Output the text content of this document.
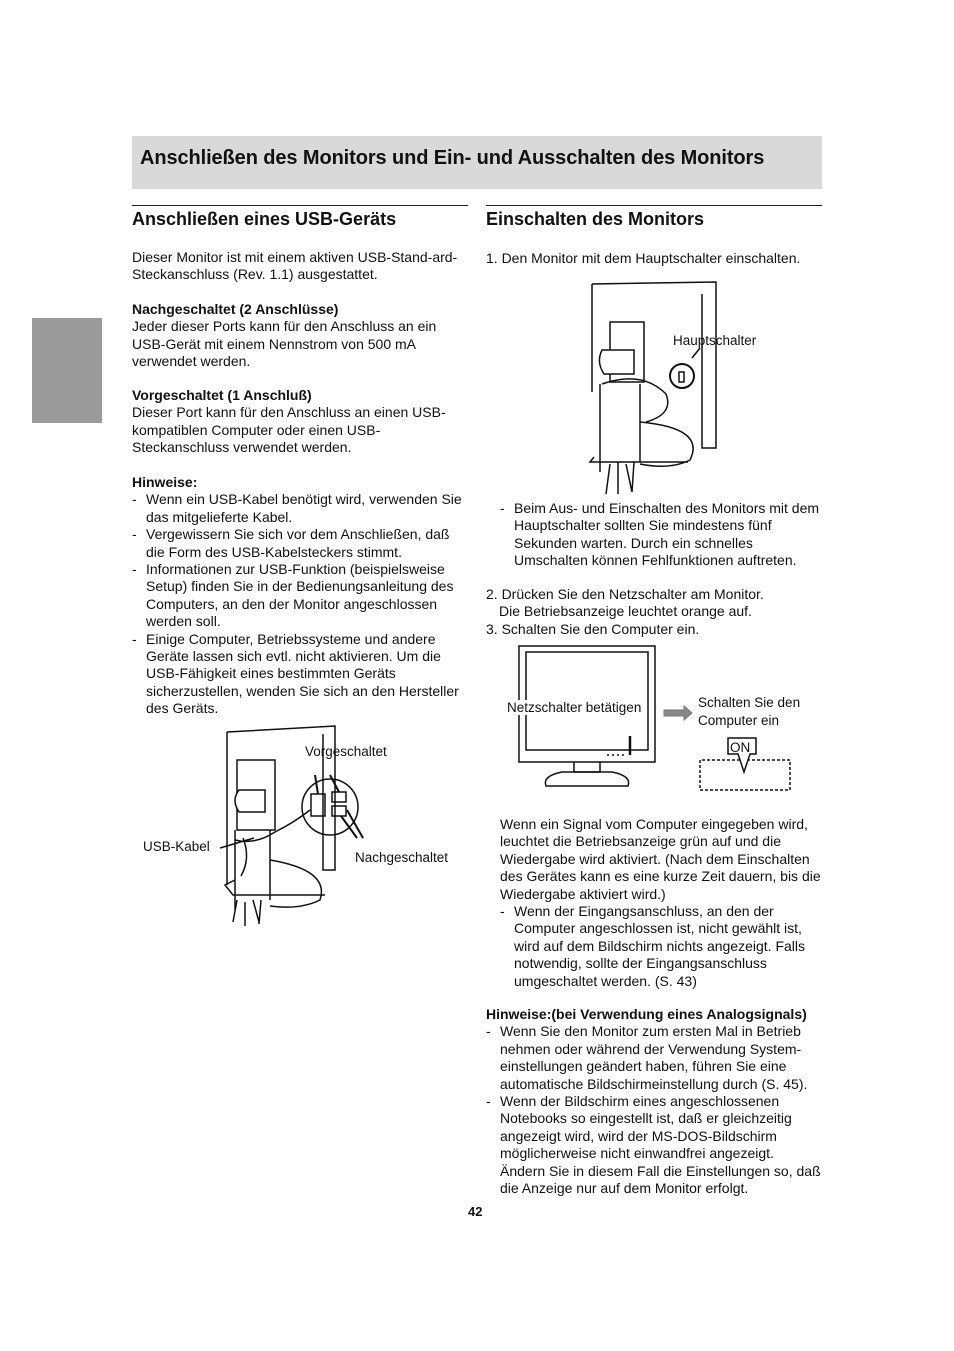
Anschließen des Monitors und Ein- und Ausschalten des Monitors
Anschließen eines USB-Geräts

Dieser Monitor ist mit einem aktiven USB-Stand-ard-Steckanschluss (Rev. 1.1) ausgestattet.

Nachgeschaltet (2 Anschlüsse)

Jeder dieser Ports kann für den Anschluss an ein USB-Gerät mit einem Nennstrom von 500 mA verwendet werden.

Vorgeschaltet (1 Anschluß)

Dieser Port kann für den Anschluss an einen USB-kompatiblen Computer oder einen USB-Steckanschluss verwendet werden.

Hinweise:

- Wenn ein USB-Kabel benötigt wird, verwenden Sie das mitgelieferte Kabel.
- Vergewissern Sie sich vor dem Anschließen, daß die Form des USB-Kabelsteckers stimmt.
- Informationen zur USB-Funktion (beispielsweise Setup) finden Sie in der Bedienungsanleitung des Computers, an den der Monitor angeschlossen werden soll.
- Einige Computer, Betriebssysteme und andere Geräte lassen sich evtl. nicht aktivieren. Um die USB-Fähigkeit eines bestimmten Geräts sicherzustellen, wenden Sie sich an den Hersteller des Geräts.
Vorgeschaltet
USB-Kabel
Nachgeschaltet
Einschalten des Monitors
1. Den Monitor mit dem Hauptschalter einschalten.
Hauptschalter
- Beim Aus- und Einschalten des Monitors mit dem Hauptschalter sollten Sie mindestens fünf Sekunden warten. Durch ein schnelles Umschalten können Fehlfunktionen auftreten.

2. Drücken Sie den Netzschalter am Monitor.

Die Betriebsanzeige leuchtet orange auf.

3. Schalten Sie den Computer ein.

Netzschalter betätigen	Schalten Sie den
Computer ein
ON

Wenn ein Signal vom Computer eingegeben wird, leuchtet die Betriebsanzeige grün auf und die Wiedergabe wird aktiviert. (Nach dem Einschalten des Gerätes kann es eine kurze Zeit dauern, bis die Wiedergabe aktiviert wird.)

- Wenn der Eingangsanschluss, an den der Computer angeschlossen ist, nicht gewählt ist, wird auf dem Bildschirm nichts angezeigt. Falls notwendig, sollte der Eingangsanschluss umgeschaltet werden. (S. 43)

Hinweise:(bei Verwendung eines Analogsignals)

- Wenn Sie den Monitor zum ersten Mal in Betrieb nehmen oder während der Verwendung System-einstellungen geändert haben, führen Sie eine automatische Bildschirmeinstellung durch (S. 45).
- Wenn der Bildschirm eines angeschlossenen Notebooks so eingestellt ist, daß er gleichzeitig angezeigt wird, wird der MS-DOS-Bildschirm möglicherweise nicht einwandfrei angezeigt. Ändern Sie in diesem Fall die Einstellungen so, daß die Anzeige nur auf dem Monitor erfolgt.
42
